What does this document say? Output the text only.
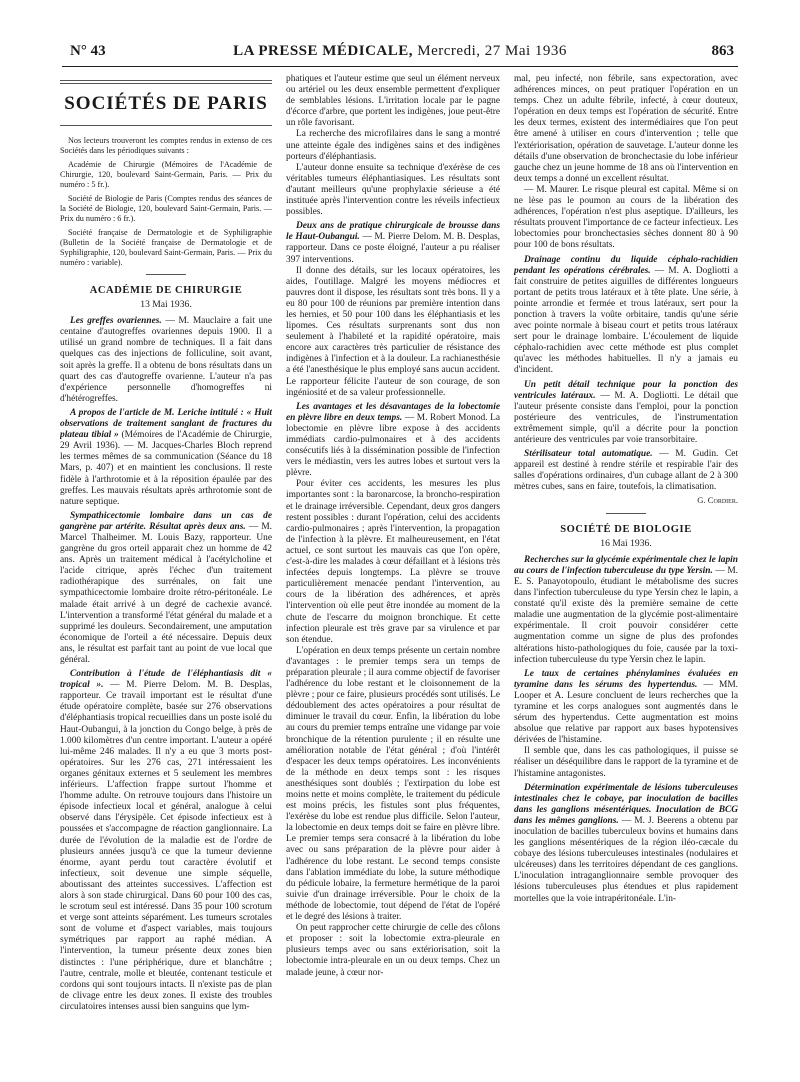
N° 43	LA PRESSE MÉDICALE, Mercredi, 27 Mai 1936	863
SOCIÉTÉS DE PARIS

Nos lecteurs trouveront les comptes rendus in extenso de ces Sociétés dans les périodiques suivants :

Académie de Chirurgie (Mémoires de l'Académie de Chirurgie, 120, boulevard Saint-Germain, Paris. — Prix du numéro : 5 fr.).

Société de Biologie de Paris (Comptes rendus des séances de la Société de Biologie, 120, boulevard Saint-Germain, Paris. — Prix du numéro : 6 fr.).

Société française de Dermatologie et de Syphiligraphie (Bulletin de la Société française de Dermatologie et de Syphiligraphie, 120, boulevard Saint-Germain, Paris. — Prix du numéro : variable).

ACADÉMIE DE CHIRURGIE
13 Mai 1936.

Les greffes ovariennes. — M. Mauclaire a fait une centaine d'autogreffes ovariennes depuis 1900. Il a utilisé un grand nombre de techniques. Il a fait dans quelques cas des injections de folliculine, soit avant, soit après la greffe. Il a obtenu de bons résultats dans un quart des cas d'autogreffe ovarienne. L'auteur n'a pas d'expérience personnelle d'homogreffes ni d'hétérogreffes.

A propos de l'article de M. Leriche intitulé : « Huit observations de traitement sanglant de fractures du plateau tibial » (Mémoires de l'Académie de Chirurgie, 29 Avril 1936). — M. Jacques-Charles Bloch reprend les termes mêmes de sa communication (Séance du 18 Mars, p. 407) et en maintient les conclusions. Il reste fidèle à l'arthrotomie et à la réposition épaulée par des greffes. Les mauvais résultats après arthrotomie sont de nature septique.

Sympathicectomie lombaire dans un cas de gangrène par artérite. Résultat après deux ans. — M. Marcel Thalheimer. M. Louis Bazy, rapporteur. Une gangrène du gros orteil apparait chez un homme de 42 ans. Après un traitement médical à l'acétylcholine et l'acide citrique, après l'échec d'un traitement radiothérapique des surrénales, on fait une sympathicectomie lombaire droite rétro-péritonéale. Le malade était arrivé à un degré de cachexie avancé. L'intervention a transformé l'état général du malade et a supprimé les douleurs. Secondairement, une amputation économique de l'orteil a été nécessaire. Depuis deux ans, le résultat est parfait tant au point de vue local que général.

Contribution à l'étude de l'éléphantiasis dit « tropical ». — M. Pierre Delom. M. B. Desplas, rapporteur. Ce travail important est le résultat d'une étude opératoire complète, basée sur 276 observations d'éléphantiasis tropical recueillies dans un poste isolé du Haut-Oubangui, à la jonction du Congo belge, à près de 1.000 kilomètres d'un centre important. L'auteur a opéré lui-même 246 malades. Il n'y a eu que 3 morts post-opératoires. Sur les 276 cas, 271 intéressaient les organes génitaux externes et 5 seulement les membres inférieurs. L'affection frappe surtout l'homme et l'homme adulte. On retrouve toujours dans l'histoire un épisode infectieux local et général, analogue à celui observé dans l'érysipèle. Cet épisode infectieux est à poussées et s'accompagne de réaction ganglionnaire. La durée de l'évolution de la maladie est de l'ordre de plusieurs années jusqu'à ce que la tumeur devienne énorme, ayant perdu tout caractère évolutif et infectieux, soit devenue une simple séquelle, aboutissant des atteintes successives. L'affection est alors à son stade chirurgical. Dans 60 pour 100 des cas, le scrotum seul est intéressé. Dans 35 pour 100 scrotum et verge sont atteints séparément. Les tumeurs scrotales sont de volume et d'aspect variables, mais toujours symétriques par rapport au raphé médian. A l'intervention, la tumeur présente deux zones bien distinctes : l'une périphérique, dure et blanchâtre ; l'autre, centrale, molle et bleutée, contenant testicule et cordons qui sont toujours intacts. Il n'existe pas de plan de clivage entre les deux zones. Il existe des troubles circulatoires intenses aussi bien sanguins que lym-

phatiques et l'auteur estime que seul un élément nerveux ou artériel ou les deux ensemble permettent d'expliquer de semblables lésions. L'irritation locale par le pagne d'écorce d'arbre, que portent les indigènes, joue peut-être un rôle favorisant.

La recherche des microfilaires dans le sang a montré une atteinte égale des indigènes sains et des indigènes porteurs d'éléphantiasis.

L'auteur donne ensuite sa technique d'exérèse de ces véritables tumeurs éléphantiasiques. Les résultats sont d'autant meilleurs qu'une prophylaxie sérieuse a été instituée après l'intervention contre les réveils infectieux possibles.

Deux ans de pratique chirurgicale de brousse dans le Haut-Oubangui. — M. Pierre Delom. M. B. Desplas, rapporteur. Dans ce poste éloigné, l'auteur a pu réaliser 397 interventions.

Il donne des détails, sur les locaux opératoires, les aides, l'outillage. Malgré les moyens médiocres et pauvres dont il dispose, les résultats sont très bons. Il y a eu 80 pour 100 de réunions par première intention dans les hernies, et 50 pour 100 dans les éléphantiasis et les lipomes. Ces résultats surprenants sont dus non seulement à l'habileté et la rapidité opératoire, mais encore aux caractères très particulier de résistance des indigènes à l'infection et à la douleur. La rachianesthésie a été l'anesthésique le plus employé sans aucun accident. Le rapporteur félicite l'auteur de son courage, de son ingéniosité et de sa valeur professionnelle.

Les avantages et les désavantages de la lobectomie en plèvre libre en deux temps. — M. Robert Monod. La lobectomie en plèvre libre expose à des accidents immédiats cardio-pulmonaires et à des accidents consécutifs liés à la dissémination possible de l'infection vers le médiastin, vers les autres lobes et surtout vers la plèvre.

Pour éviter ces accidents, les mesures les plus importantes sont : la baronarcose, la broncho-respiration et le drainage irréversible. Cependant, deux gros dangers restent possibles : durant l'opération, celui des accidents cardio-pulmonaires ; après l'intervention, la propagation de l'infection à la plèvre. Et malheureusement, en l'état actuel, ce sont surtout les mauvais cas que l'on opère, c'est-à-dire les malades à cœur défaillant et à lésions très infectées depuis longtemps. La plèvre se trouve particulièrement menacée pendant l'intervention, au cours de la libération des adhérences, et après l'intervention où elle peut être inondée au moment de la chute de l'escarre du moignon bronchique. Et cette infection pleurale est très grave par sa virulence et par son étendue.

L'opération en deux temps présente un certain nombre d'avantages : le premier temps sera un temps de préparation pleurale ; il aura comme objectif de favoriser l'adhérence du lobe restant et le cloisonnement de la plèvre ; pour ce faire, plusieurs procédés sont utilisés. Le dédoublement des actes opératoires a pour résultat de diminuer le travail du cœur. Enfin, la libération du lobe au cours du premier temps entraîne une vidange par voie bronchique de la rétention purulente ; il en résulte une amélioration notable de l'état général ; d'où l'intérêt d'espacer les deux temps opératoires. Les inconvénients de la méthode en deux temps sont : les risques anesthésiques sont doublés ; l'extirpation du lobe est moins nette et moins complète, le traitement du pédicule est moins précis, les fistules sont plus fréquentes, l'exérèse du lobe est rendue plus difficile. Selon l'auteur, la lobectomie en deux temps doit se faire en plèvre libre. Le premier temps sera consacré à la libération du lobe avec ou sans préparation de la plèvre pour aider à l'adhérence du lobe restant. Le second temps consiste dans l'ablation immédiate du lobe, la suture méthodique du pédicule lobaire, la fermeture hermétique de la paroi suivie d'un drainage irréversible. Pour le choix de la méthode de lobectomie, tout dépend de l'état de l'opéré et le degré des lésions à traiter.

On peut rapprocher cette chirurgie de celle des côlons et proposer : soit la lobectomie extra-pleurale en plusieurs temps avec ou sans extériorisation, soit la lobectomie intra-pleurale en un ou deux temps. Chez un malade jeune, à cœur nor-

mal, peu infecté, non fébrile, sans expectoration, avec adhérences minces, on peut pratiquer l'opération en un temps. Chez un adulte fébrile, infecté, à cœur douteux, l'opération en deux temps est l'opération de sécurité. Entre les deux termes, existent des intermédiaires que l'on peut être amené à utiliser en cours d'intervention ; telle que l'extériorisation, opération de sauvetage. L'auteur donne les détails d'une observation de bronchectasie du lobe inférieur gauche chez un jeune homme de 18 ans où l'intervention en deux temps a donné un excellent résultat.

— M. Maurer. Le risque pleural est capital. Même si on ne lèse pas le poumon au cours de la libération des adhérences, l'opération n'est plus aseptique. D'ailleurs, les résultats prouvent l'importance de ce facteur infectieux. Les lobectomies pour bronchectasies sèches donnent 80 à 90 pour 100 de bons résultats.

Drainage continu du liquide céphalo-rachidien pendant les opérations cérébrales. — M. A. Dogliotti a fait construire de petites aiguilles de différentes longueurs portant de petits trous latéraux et à tête plate. Une série, à pointe arrondie et fermée et trous latéraux, sert pour la ponction à travers la voûte orbitaire, tandis qu'une série avec pointe normale à biseau court et petits trous latéraux sert pour le drainage lombaire. L'écoulement de liquide céphalo-rachidien avec cette méthode est plus complet qu'avec les méthodes habituelles. Il n'y a jamais eu d'incident.

Un petit détail technique pour la ponction des ventricules latéraux. — M. A. Dogliotti. Le détail que l'auteur présente consiste dans l'emploi, pour la ponction postérieure des ventricules, de l'instrumentation extrêmement simple, qu'il a décrite pour la ponction antérieure des ventricules par voie transorbitaire.

Stérilisateur total automatique. — M. Gudin. Cet appareil est destiné à rendre stérile et respirable l'air des salles d'opérations ordinaires, d'un cubage allant de 2 à 300 mètres cubes, sans en faire, toutefois, la climatisation.

G. Cordier.
SOCIÉTÉ DE BIOLOGIE
16 Mai 1936.

Recherches sur la glycémie expérimentale chez le lapin au cours de l'infection tuberculeuse du type Yersin. — M. E. S. Panayotopoulo, étudiant le métabolisme des sucres dans l'infection tuberculeuse du type Yersin chez le lapin, a constaté qu'il existe dès la première semaine de cette maladie une augmentation de la glycémie post-alimentaire expérimentale. Il croit pouvoir considérer cette augmentation comme un signe de plus des profondes altérations histo-pathologiques du foie, causée par la toxi-infection tuberculeuse du type Yersin chez le lapin.

Le taux de certaines phénylamines évaluées en tyramine dans les sérums des hypertendus. — MM. Looper et A. Lesure concluent de leurs recherches que la tyramine et les corps analogues sont augmentés dans le sérum des hypertendus. Cette augmentation est moins absolue que relative par rapport aux bases hypotensives dérivées de l'histamine.

Il semble que, dans les cas pathologiques, il puisse se réaliser un déséquilibre dans le rapport de la tyramine et de l'histamine antagonistes.

Détermination expérimentale de lésions tuberculeuses intestinales chez le cobaye, par inoculation de bacilles dans les ganglions mésentériques. Inoculation de BCG dans les mêmes ganglions. — M. J. Beerens a obtenu par inoculation de bacilles tuberculeux bovins et humains dans les ganglions mésentériques de la région iléo-cæcale du cobaye des lésions tuberculeuses intestinales (nodulaires et ulcéreuses) dans les territoires dépendant de ces ganglions. L'inoculation intraganglionnaire semble provoquer des lésions tuberculeuses plus étendues et plus rapidement mortelles que la voie intrapéritonéale. L'in-
